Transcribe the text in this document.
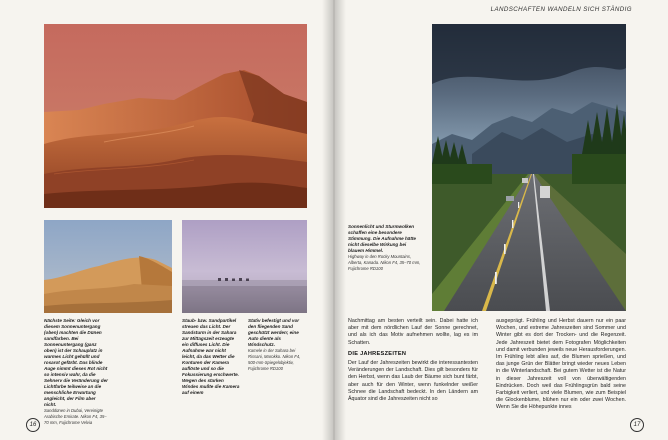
Nächste Seite: Gleich vor diesem Sonnenuntergang (oben) machten die Dünen sandfarben. Bei Sonnenuntergang (ganz oben) ist der Schauplatz in warmes Licht gehüllt und rosarot gefärbt. Das blinde Auge nimmt dieses Rot nicht so intensiv wahr, da die Sehnerv die Veränderung der Lichtfarbe teilweise an die menschliche Erwartung angleicht, der Film aber nicht.
Sanddünen in Dubai, Vereinigte Arabische Emirate. Nikon F4, 35–70 mm, Fujichrome Velvia
Staub- bzw. Sandpartikel streuen das Licht. Der Sandsturm in der Sahara zur Mittagszeit erzeugte ein diffuses Licht. Die Aufnahme war nicht leicht, da das Wetter die Konturen der Kamera auflöste und so die Fokussierung erschwerte. Wegen des starken Windes mußte die Kamera auf einem
Stativ befestigt und vor den fliegenden Sand geschützt werden; eine Auto diente als Windschutz.
Kamele in der Sahara bei Rissani, Marokko. Nikon F4, 500-mm-Spiegelobjektiv, Fujichrome RD100
16
LANDSCHAFTEN WANDELN SICH STÄNDIG
Sonnenlicht und Sturmwolken schaffen eine besondere Stimmung. Die Aufnahme hätte nicht dieselbe Wirkung bei blauem Himmel.
Highway in den Rocky Mountains, Alberta, Kanada. Nikon F4, 35–70 mm, Fujichrome RD100

Nachmittag am besten verteilt sein. Dabei hatte ich aber mit dem nördlichen Lauf der Sonne gerechnet, und als ich das Motiv aufnehmen wollte, lag es im Schatten.

DIE JAHRESZEITEN

Der Lauf der Jahreszeiten bewirkt die interessantesten Veränderungen der Landschaft. Dies gilt besonders für den Herbst, wenn das Laub der Bäume sich bunt färbt, aber auch für den Winter, wenn funkelnder weißer Schnee die Landschaft bedeckt. In den Ländern am Äquator sind die Jahreszeiten nicht so

ausgeprägt. Frühling und Herbst dauern nur ein paar Wochen, und extreme Jahreszeiten sind Sommer und Winter gibt es dort der Trocken- und die Regenzeit. Jede Jahreszeit bietet dem Fotografen Möglichkeiten und damit verbunden jeweils neue Herausforderungen. Im Frühling lebt alles auf, die Blumen sprießen, und das junge Grün der Blätter bringt wieder neues Leben in die Winterlandschaft. Bei gutem Wetter ist die Natur in dieser Jahreszeit voll von überwältigenden Eindrücken. Doch weil das Frühlingsgrün bald seine Farbigkeit verliert, und viele Blumen, wie zum Beispiel die Glockenblume, blühen nur ein oder zwei Wochen. Wenn Sie die Höhepunkte innes

17
